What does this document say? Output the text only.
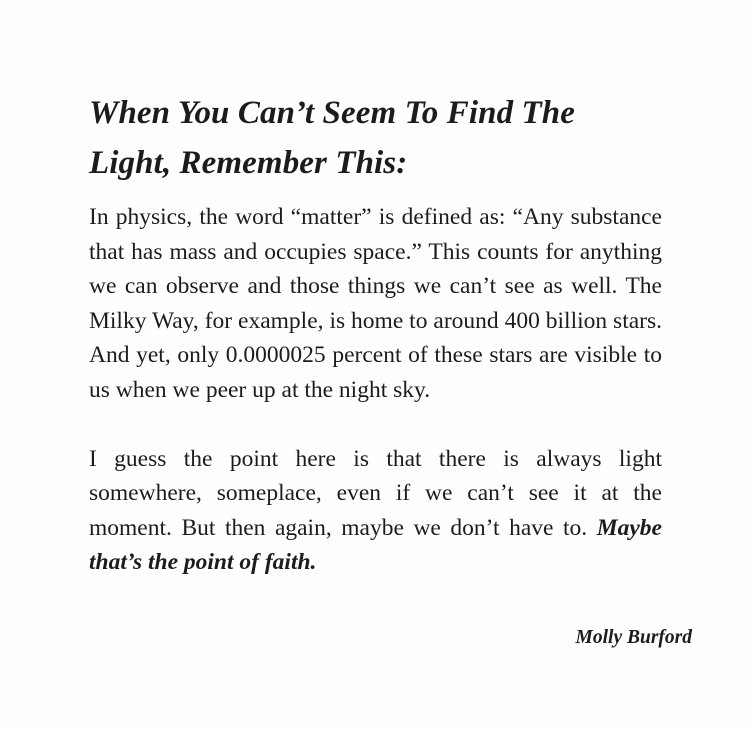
When You Can’t Seem To Find The
Light, Remember This:

In physics, the word “matter” is defined as: “Any substance that has mass and occupies space.” This counts for anything we can observe and those things we can’t see as well. The Milky Way, for example, is home to around 400 billion stars. And yet, only 0.0000025 percent of these stars are visible to us when we peer up at the night sky.

I guess the point here is that there is always light somewhere, someplace, even if we can’t see it at the moment. But then again, maybe we don’t have to. Maybe that’s the point of faith.

Molly Burford
